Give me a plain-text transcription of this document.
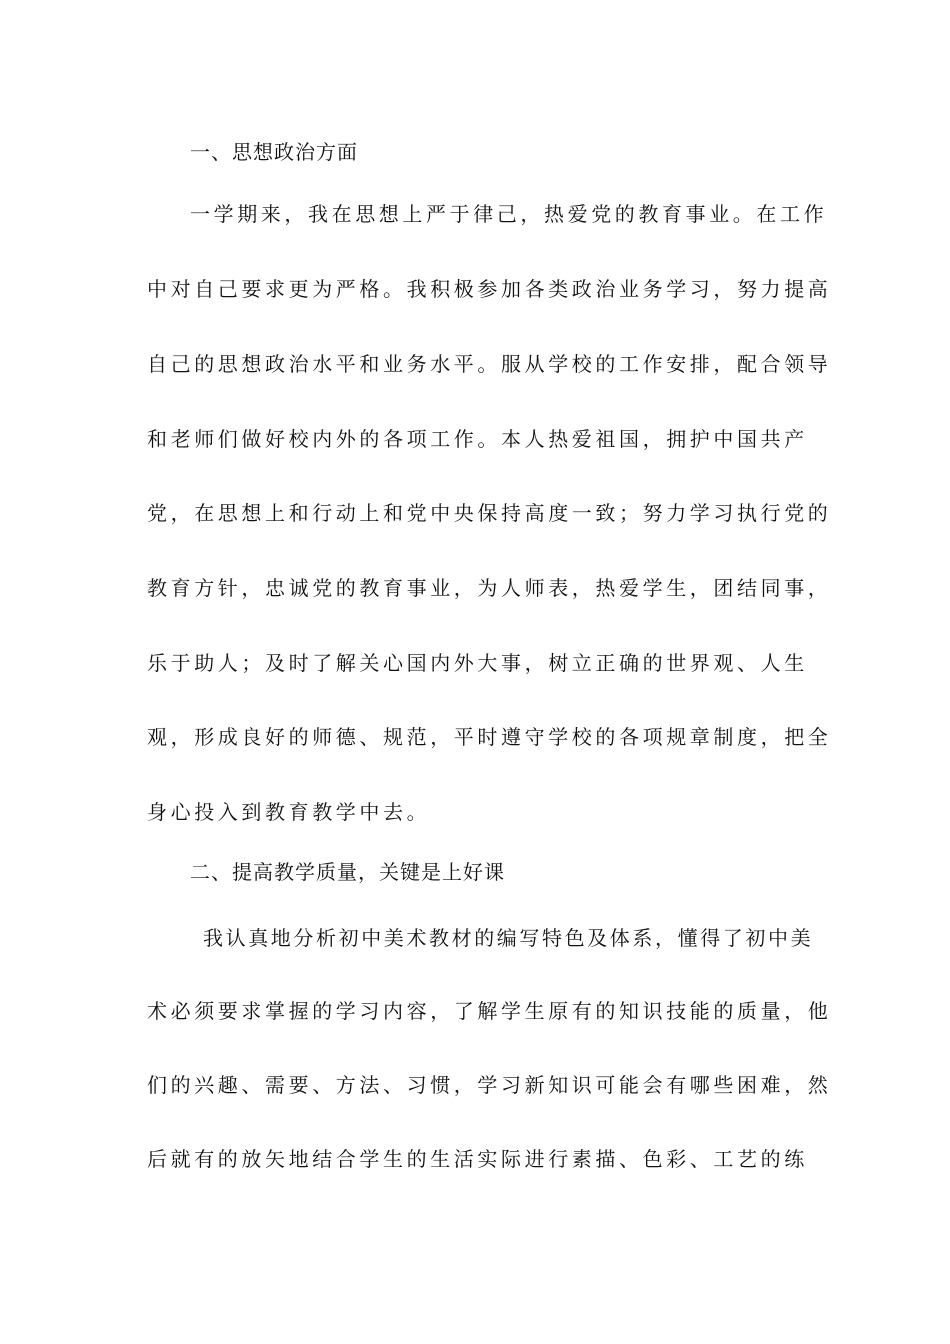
一、思想政治方面
一学期来，我在思想上严于律己，热爱党的教育事业。在工作
中对自己要求更为严格。我积极参加各类政治业务学习，努力提高
自己的思想政治水平和业务水平。服从学校的工作安排，配合领导
和老师们做好校内外的各项工作。本人热爱祖国，拥护中国共产
党，在思想上和行动上和党中央保持高度一致；努力学习执行党的
教育方针，忠诚党的教育事业，为人师表，热爱学生，团结同事，
乐于助人；及时了解关心国内外大事，树立正确的世界观、人生
观，形成良好的师德、规范，平时遵守学校的各项规章制度，把全
身心投入到教育教学中去。
二、提高教学质量，关键是上好课
我认真地分析初中美术教材的编写特色及体系，懂得了初中美
术必须要求掌握的学习内容，了解学生原有的知识技能的质量，他
们的兴趣、需要、方法、习惯，学习新知识可能会有哪些困难，然
后就有的放矢地结合学生的生活实际进行素描、色彩、工艺的练
